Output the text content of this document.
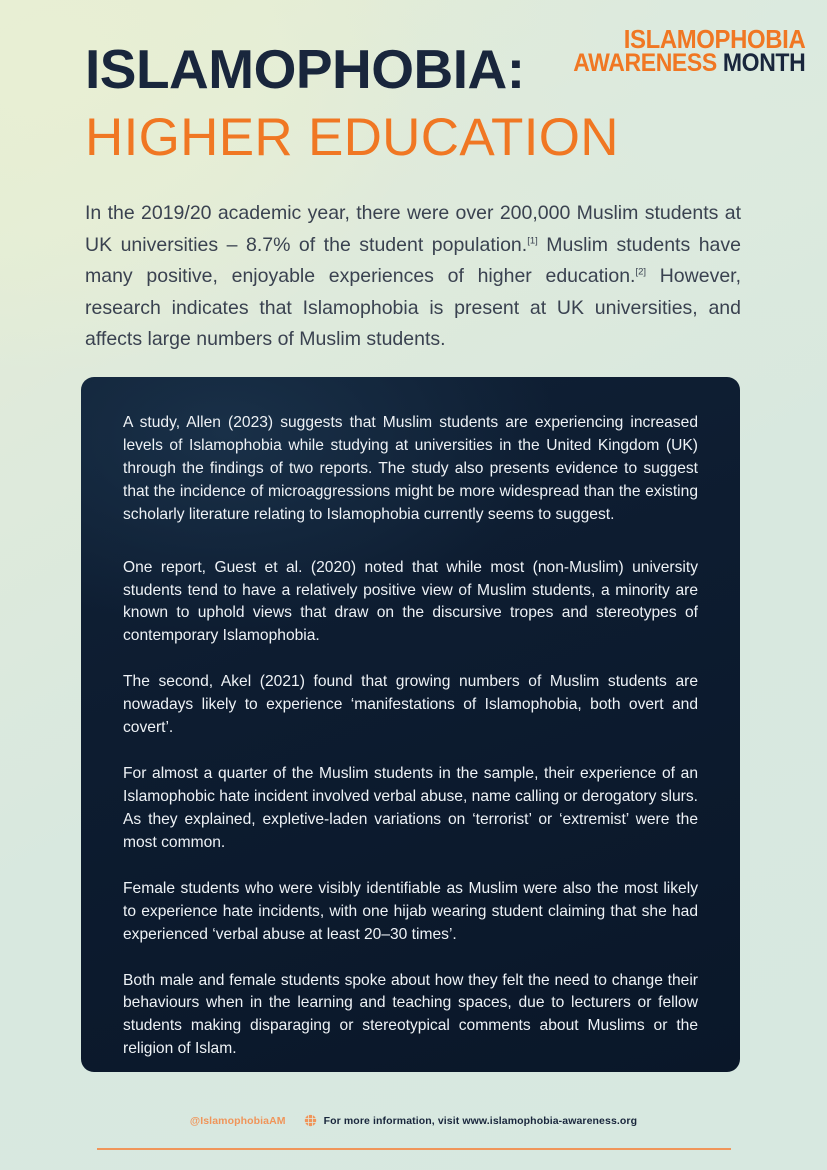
ISLAMOPHOBIA:
HIGHER EDUCATION
ISLAMOPHOBIA
AWARENESS MONTH
In the 2019/20 academic year, there were over 200,000 Muslim students at UK universities – 8.7% of the student population.[1] Muslim students have many positive, enjoyable experiences of higher education.[2] However, research indicates that Islamophobia is present at UK universities, and affects large numbers of Muslim students.

A study, Allen (2023) suggests that Muslim students are experiencing increased levels of Islamophobia while studying at universities in the United Kingdom (UK) through the findings of two reports. The study also presents evidence to suggest that the incidence of microaggressions might be more widespread than the existing scholarly literature relating to Islamophobia currently seems to suggest.

One report, Guest et al. (2020) noted that while most (non-Muslim) university students tend to have a relatively positive view of Muslim students, a minority are known to uphold views that draw on the discursive tropes and stereotypes of contemporary Islamophobia.

The second, Akel (2021) found that growing numbers of Muslim students are nowadays likely to experience ‘manifestations of Islamophobia, both overt and covert’.

For almost a quarter of the Muslim students in the sample, their experience of an Islamophobic hate incident involved verbal abuse, name calling or derogatory slurs. As they explained, expletive-laden variations on ‘terrorist’ or ‘extremist’ were the most common.

Female students who were visibly identifiable as Muslim were also the most likely to experience hate incidents, with one hijab wearing student claiming that she had experienced ‘verbal abuse at least 20–30 times’.

Both male and female students spoke about how they felt the need to change their behaviours when in the learning and teaching spaces, due to lecturers or fellow students making disparaging or stereotypical comments about Muslims or the religion of Islam.

@IslamophobiaAM	For more information, visit www.islamophobia-awareness.org
